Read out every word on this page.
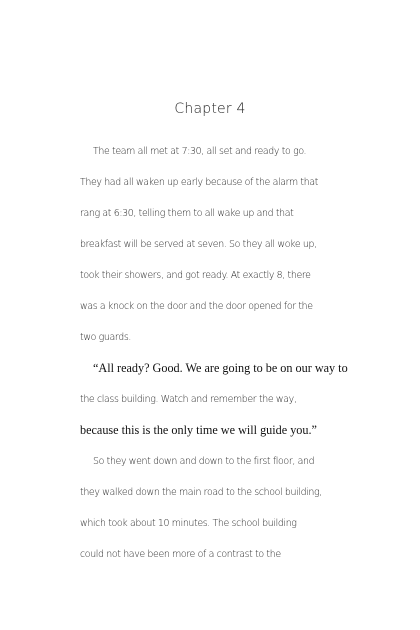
Chapter 4
The team all met at 7:30, all set and ready to go.
They had all waken up early because of the alarm that
rang at 6:30, telling them to all wake up and that
breakfast will be served at seven. So they all woke up,
took their showers, and got ready. At exactly 8, there
was a knock on the door and the door opened for the
two guards.
“All ready? Good. We are going to be on our way to
the class building. Watch and remember the way,
because this is the only time we will guide you.”
So they went down and down to the first floor, and
they walked down the main road to the school building,
which took about 10 minutes. The school building
could not have been more of a contrast to the
